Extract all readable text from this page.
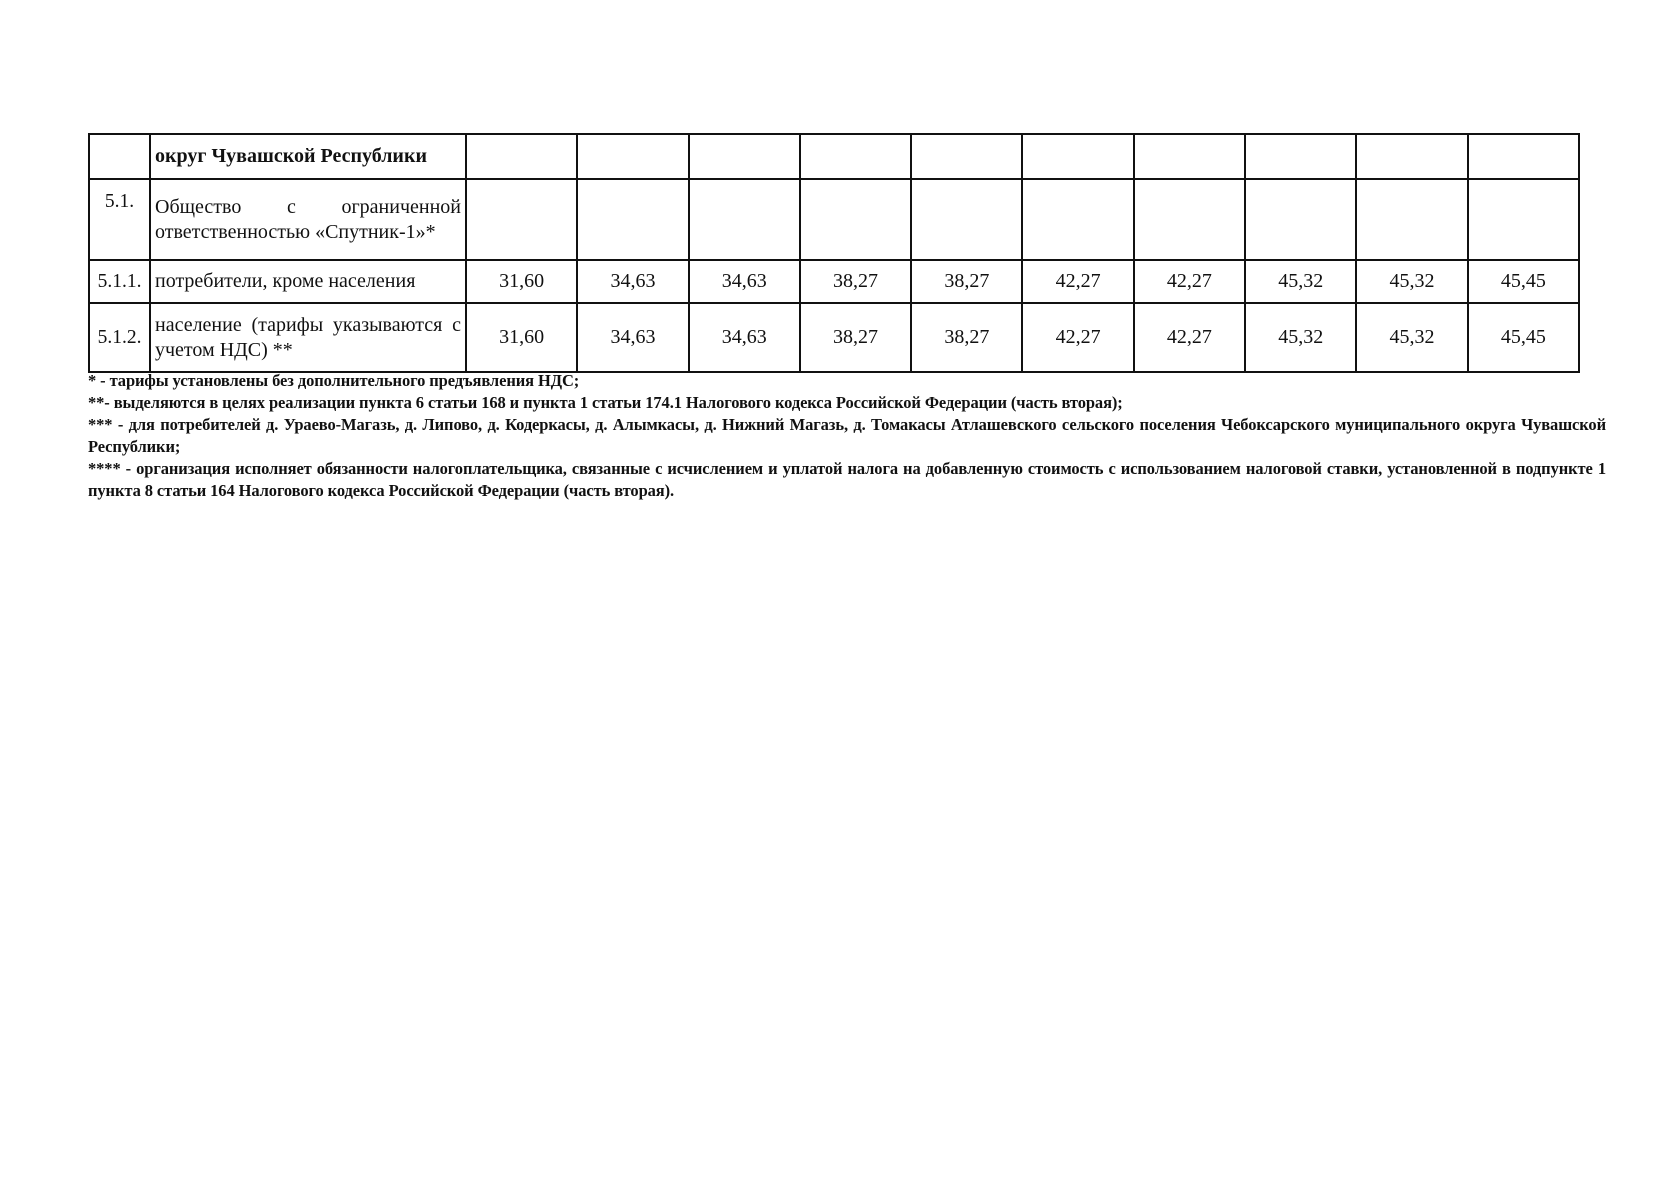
	округ Чувашской Республики										
5.1.	Общество с ограниченной ответственностью «Спутник-1»*										
5.1.1.	потребители, кроме населения	31,60	34,63	34,63	38,27	38,27	42,27	42,27	45,32	45,32	45,45
5.1.2.	население (тарифы указываются с учетом НДС) **	31,60	34,63	34,63	38,27	38,27	42,27	42,27	45,32	45,32	45,45

* - тарифы установлены без дополнительного предъявления НДС;

**- выделяются в целях реализации пункта 6 статьи 168 и пункта 1 статьи 174.1 Налогового кодекса Российской Федерации (часть вторая);

*** - для потребителей д. Ураево-Магазь, д. Липово, д. Кодеркасы, д. Алымкасы, д. Нижний Магазь, д. Томакасы Атлашевского сельского поселения Чебоксарского муниципального округа Чувашской Республики;

**** - организация исполняет обязанности налогоплательщика, связанные с исчислением и уплатой налога на добавленную стоимость с использованием налоговой ставки, установленной в подпункте 1 пункта 8 статьи 164 Налогового кодекса Российской Федерации (часть вторая).
